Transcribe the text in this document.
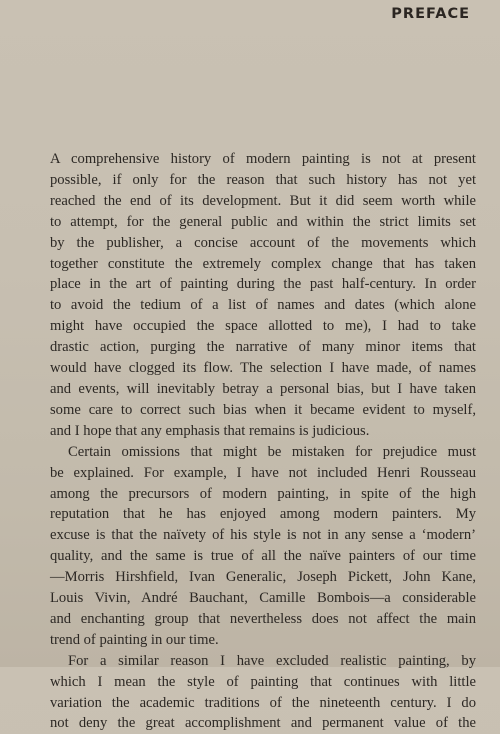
PREFACE
A comprehensive history of modern painting is not at present
possible, if only for the reason that such history has not yet
reached the end of its development. But it did seem worth while
to attempt, for the general public and within the strict limits set
by the publisher, a concise account of the movements which
together constitute the extremely complex change that has taken
place in the art of painting during the past half-century. In order
to avoid the tedium of a list of names and dates (which alone
might have occupied the space allotted to me), I had to take
drastic action, purging the narrative of many minor items that
would have clogged its flow. The selection I have made, of names
and events, will inevitably betray a personal bias, but I have taken
some care to correct such bias when it became evident to myself,
and I hope that any emphasis that remains is judicious.
Certain omissions that might be mistaken for prejudice must
be explained. For example, I have not included Henri Rousseau
among the precursors of modern painting, in spite of the high
reputation that he has enjoyed among modern painters. My
excuse is that the naïvety of his style is not in any sense a ‘modern’
quality, and the same is true of all the naïve painters of our time
—Morris Hirshfield, Ivan Generalic, Joseph Pickett, John Kane,
Louis Vivin, André Bauchant, Camille Bombois—a considerable
and enchanting group that nevertheless does not affect the main
trend of painting in our time.
For a similar reason I have excluded realistic painting, by
which I mean the style of painting that continues with little
variation the academic traditions of the nineteenth century. I do
not deny the great accomplishment and permanent value of the
